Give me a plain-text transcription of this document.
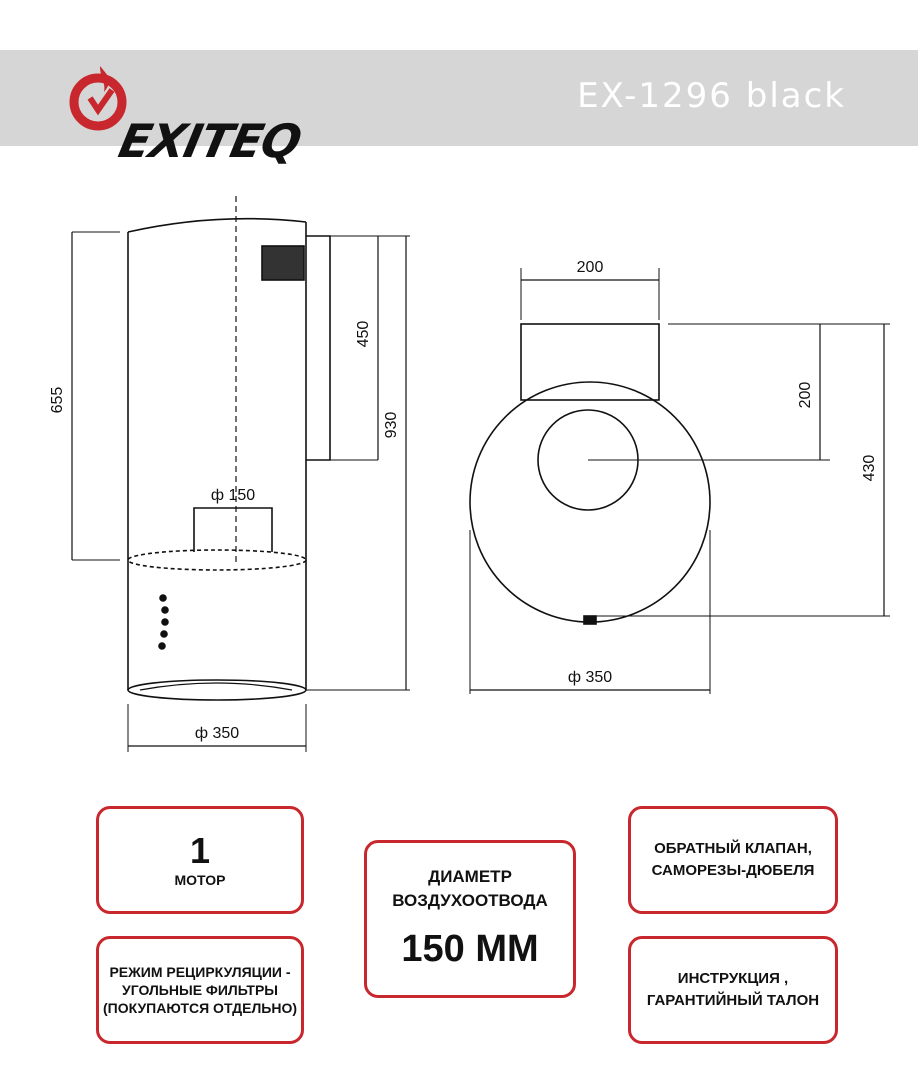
EXITEQ
EX-1296 black
655
450
930
ф 150
ф 350
200
200
430
ф 350
1
МОТОР
РЕЖИМ РЕЦИРКУЛЯЦИИ -
УГОЛЬНЫЕ ФИЛЬТРЫ
(ПОКУПАЮТСЯ ОТДЕЛЬНО)
ДИАМЕТР
ВОЗДУХООТВОДА
150 ММ
ОБРАТНЫЙ КЛАПАН,
САМОРЕЗЫ-ДЮБЕЛЯ
ИНСТРУКЦИЯ ,
ГАРАНТИЙНЫЙ ТАЛОН
